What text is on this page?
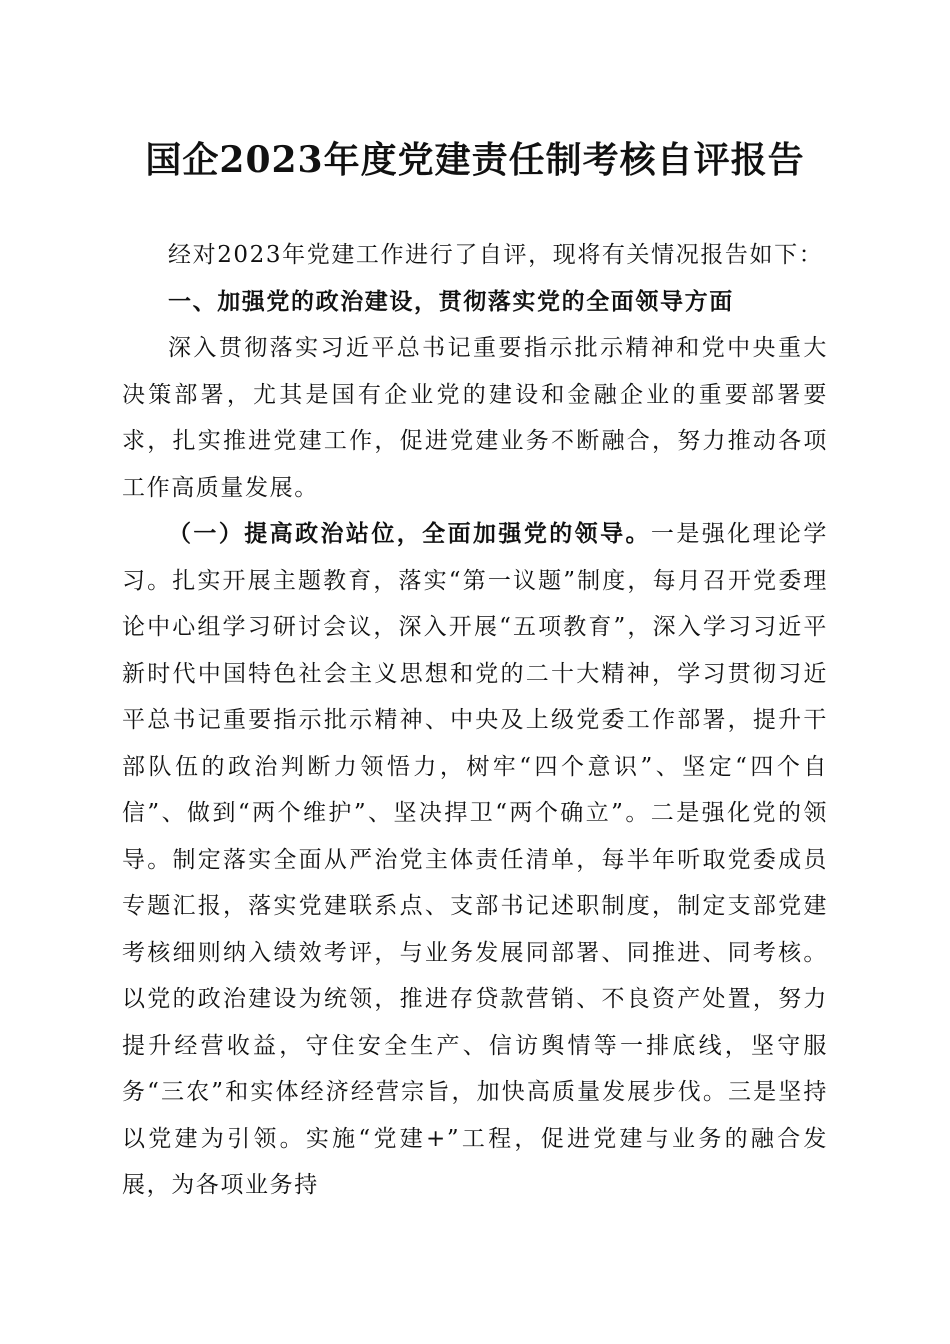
国企2023年度党建责任制考核自评报告

经对2023年党建工作进行了自评，现将有关情况报告如下：

一、加强党的政治建设，贯彻落实党的全面领导方面

深入贯彻落实习近平总书记重要指示批示精神和党中央重大决策部署，尤其是国有企业党的建设和金融企业的重要部署要求，扎实推进党建工作，促进党建业务不断融合，努力推动各项工作高质量发展。

（一）提高政治站位，全面加强党的领导。一是强化理论学习。扎实开展主题教育，落实“第一议题”制度，每月召开党委理论中心组学习研讨会议，深入开展“五项教育”，深入学习习近平新时代中国特色社会主义思想和党的二十大精神，学习贯彻习近平总书记重要指示批示精神、中央及上级党委工作部署，提升干部队伍的政治判断力领悟力，树牢“四个意识”、坚定“四个自信”、做到“两个维护”、坚决捍卫“两个确立”。二是强化党的领导。制定落实全面从严治党主体责任清单，每半年听取党委成员专题汇报，落实党建联系点、支部书记述职制度，制定支部党建考核细则纳入绩效考评，与业务发展同部署、同推进、同考核。以党的政治建设为统领，推进存贷款营销、不良资产处置，努力提升经营收益，守住安全生产、信访舆情等一排底线，坚守服务“三农”和实体经济经营宗旨，加快高质量发展步伐。三是坚持以党建为引领。实施“党建+”工程，促进党建与业务的融合发展，为各项业务持
